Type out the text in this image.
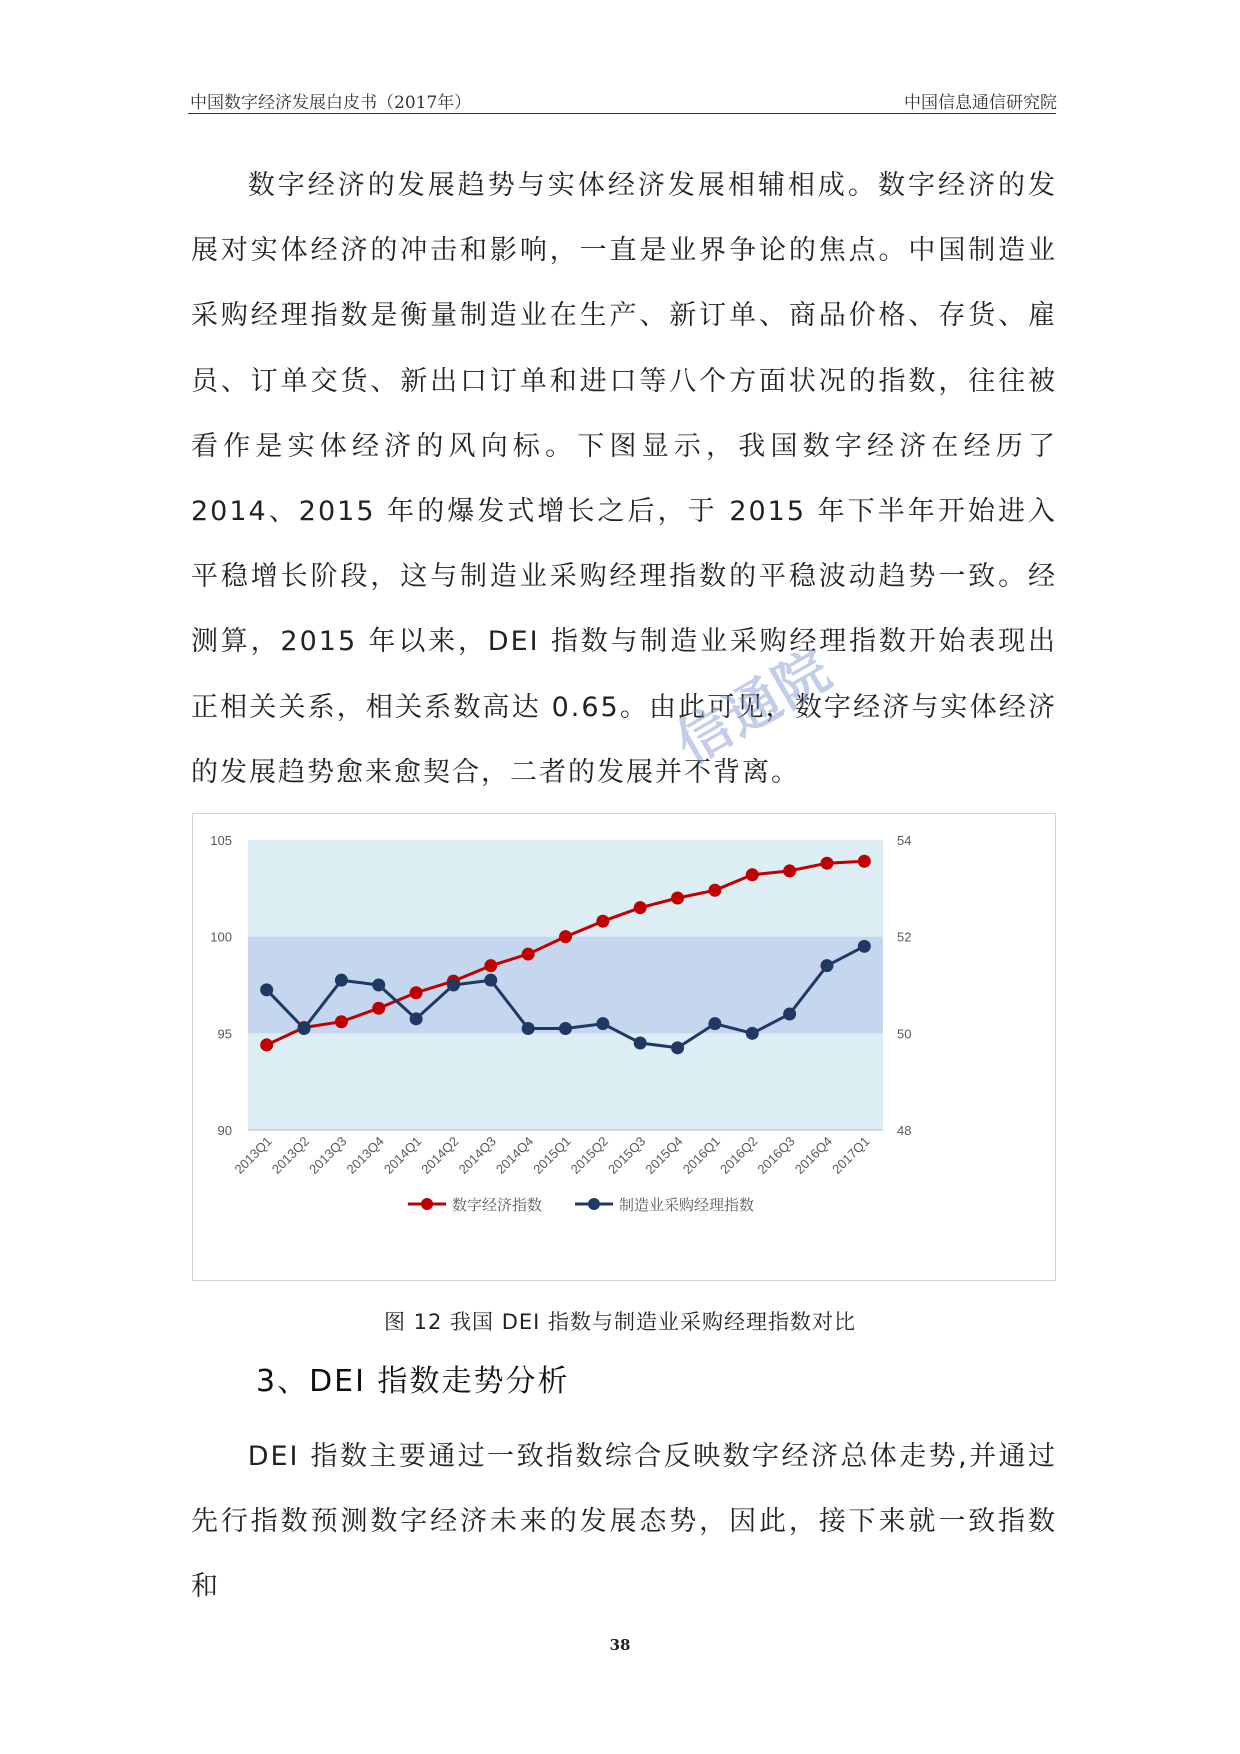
中国数字经济发展白皮书（2017年）	中国信息通信研究院

数字经济的发展趋势与实体经济发展相辅相成。数字经济的发展对实体经济的冲击和影响，一直是业界争论的焦点。中国制造业采购经理指数是衡量制造业在生产、新订单、商品价格、存货、雇员、订单交货、新出口订单和进口等八个方面状况的指数，往往被看作是实体经济的风向标。下图显示，我国数字经济在经历了 2014、2015 年的爆发式增长之后，于 2015 年下半年开始进入平稳增长阶段，这与制造业采购经理指数的平稳波动趋势一致。经测算，2015 年以来，DEI 指数与制造业采购经理指数开始表现出正相关关系，相关系数高达 0.65。由此可见，数字经济与实体经济的发展趋势愈来愈契合，二者的发展并不背离。

信通院
90
95
100
105
48
50
52
54
2013Q1
2013Q2
2013Q3
2013Q4
2014Q1
2014Q2
2014Q3
2014Q4
2015Q1
2015Q2
2015Q3
2015Q4
2016Q1
2016Q2
2016Q3
2016Q4
2017Q1
数字经济指数	制造业采购经理指数
图 12 我国 DEI 指数与制造业采购经理指数对比
3、DEI 指数走势分析

DEI 指数主要通过一致指数综合反映数字经济总体走势,并通过先行指数预测数字经济未来的发展态势，因此，接下来就一致指数和

38
